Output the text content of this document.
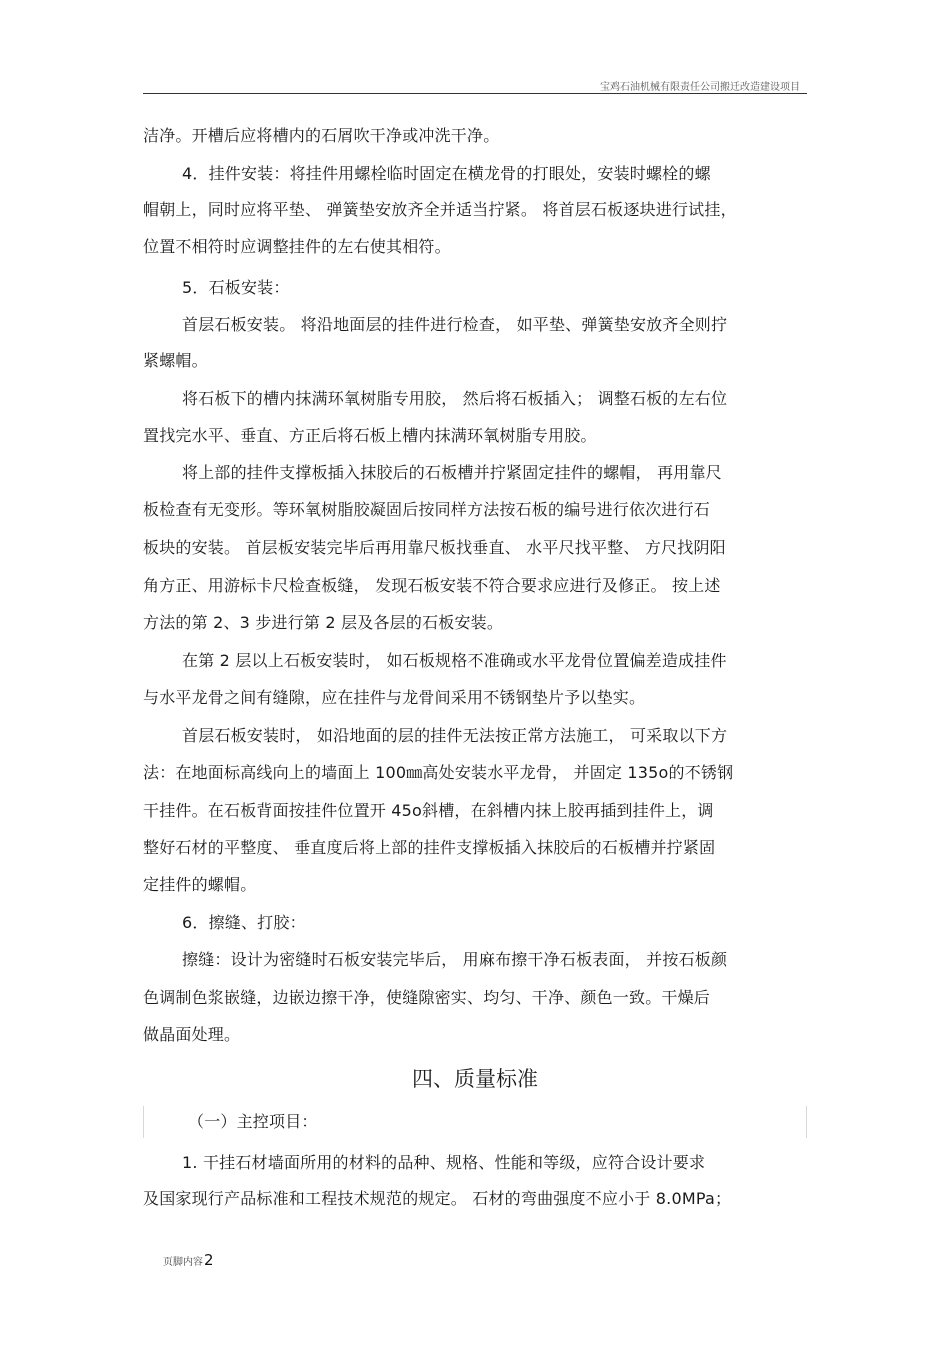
宝鸡石油机械有限责任公司搬迁改造建设项目
洁净。开槽后应将槽内的石屑吹干净或冲洗干净。
4．挂件安装：将挂件用螺栓临时固定在横龙骨的打眼处，安装时螺栓的螺
帽朝上，同时应将平垫、 弹簧垫安放齐全并适当拧紧。 将首层石板逐块进行试挂，
位置不相符时应调整挂件的左右使其相符。
5．石板安装：
首层石板安装。 将沿地面层的挂件进行检查， 如平垫、弹簧垫安放齐全则拧
紧螺帽。
将石板下的槽内抹满环氧树脂专用胶， 然后将石板插入； 调整石板的左右位
置找完水平、垂直、方正后将石板上槽内抹满环氧树脂专用胶。
将上部的挂件支撑板插入抹胶后的石板槽并拧紧固定挂件的螺帽， 再用靠尺
板检查有无变形。等环氧树脂胶凝固后按同样方法按石板的编号进行依次进行石
板块的安装。 首层板安装完毕后再用靠尺板找垂直、 水平尺找平整、 方尺找阴阳
角方正、用游标卡尺检查板缝， 发现石板安装不符合要求应进行及修正。 按上述
方法的第 2、3 步进行第 2 层及各层的石板安装。
在第 2 层以上石板安装时， 如石板规格不准确或水平龙骨位置偏差造成挂件
与水平龙骨之间有缝隙，应在挂件与龙骨间采用不锈钢垫片予以垫实。
首层石板安装时， 如沿地面的层的挂件无法按正常方法施工， 可采取以下方
法：在地面标高线向上的墙面上 100㎜高处安装水平龙骨， 并固定 135o的不锈钢
干挂件。在石板背面按挂件位置开 45o斜槽，在斜槽内抹上胶再插到挂件上，调
整好石材的平整度、 垂直度后将上部的挂件支撑板插入抹胶后的石板槽并拧紧固
定挂件的螺帽。
6．擦缝、打胶：
擦缝：设计为密缝时石板安装完毕后， 用麻布擦干净石板表面， 并按石板颜
色调制色浆嵌缝，边嵌边擦干净，使缝隙密实、均匀、干净、颜色一致。干燥后
做晶面处理。
四、质量标准
（一）主控项目：
1. 干挂石材墙面所用的材料的品种、规格、性能和等级，应符合设计要求
及国家现行产品标准和工程技术规范的规定。 石材的弯曲强度不应小于 8.0MPa；
页脚内容2
